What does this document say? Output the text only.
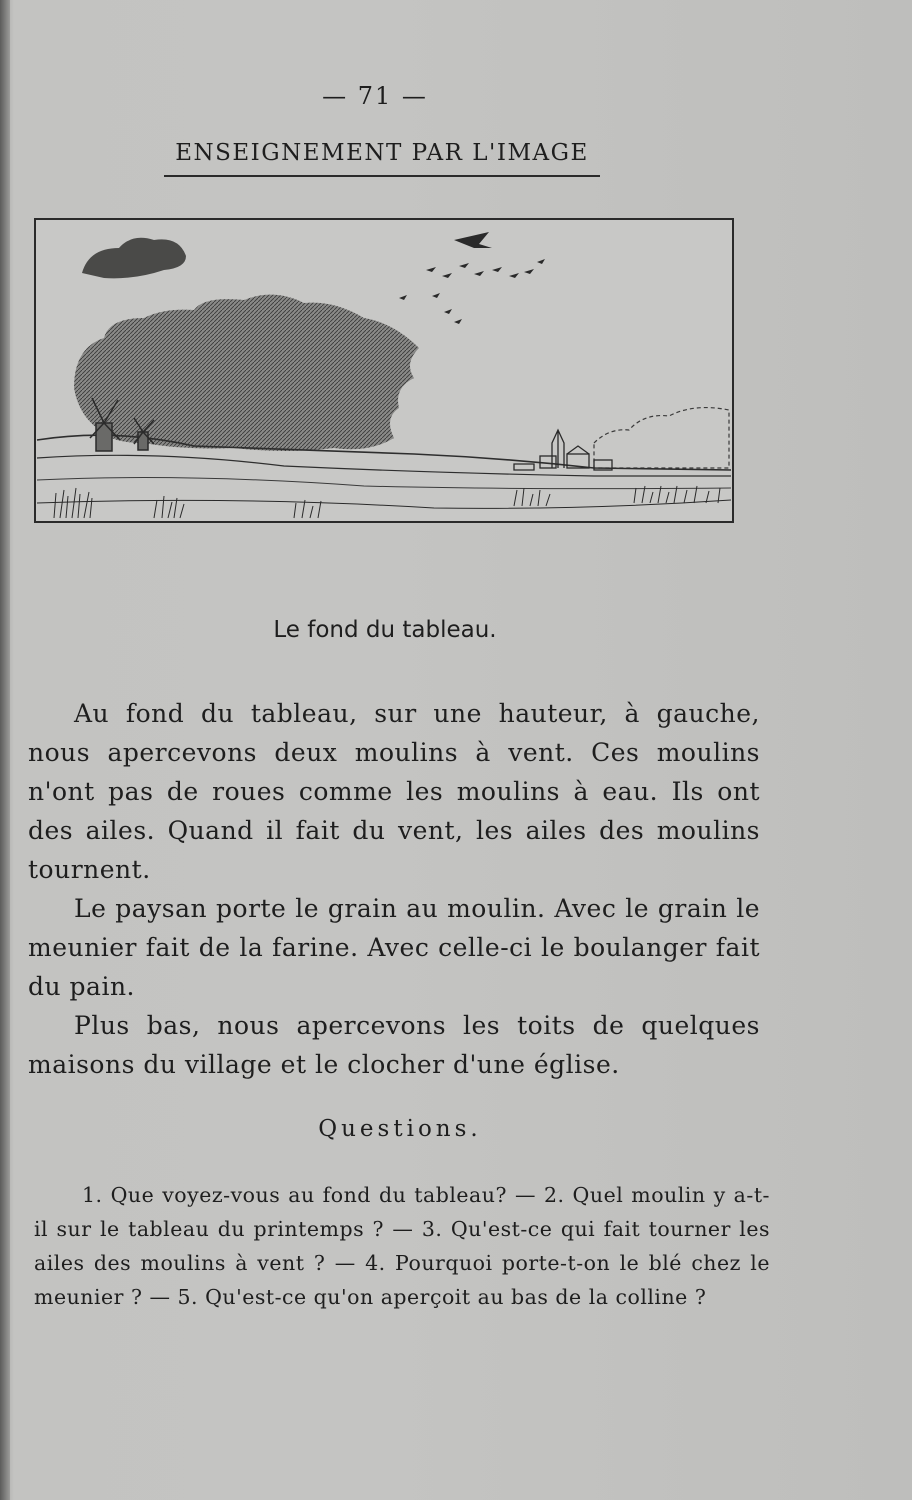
— 71 —
ENSEIGNEMENT PAR L'IMAGE
Le fond du tableau.

Au fond du tableau, sur une hauteur, à gauche, nous apercevons deux moulins à vent. Ces moulins n'ont pas de roues comme les moulins à eau. Ils ont des ailes. Quand il fait du vent, les ailes des moulins tournent.

Le paysan porte le grain au moulin. Avec le grain le meunier fait de la farine. Avec celle-ci le boulanger fait du pain.

Plus bas, nous apercevons les toits de quelques maisons du village et le clocher d'une église.

Questions.
1. Que voyez-vous au fond du tableau? — 2. Quel moulin y a-t-il sur le tableau du printemps ? — 3. Qu'est-ce qui fait tourner les ailes des moulins à vent ? — 4. Pourquoi porte-t-on le blé chez le meunier ? — 5. Qu'est-ce qu'on aperçoit au bas de la colline ?
